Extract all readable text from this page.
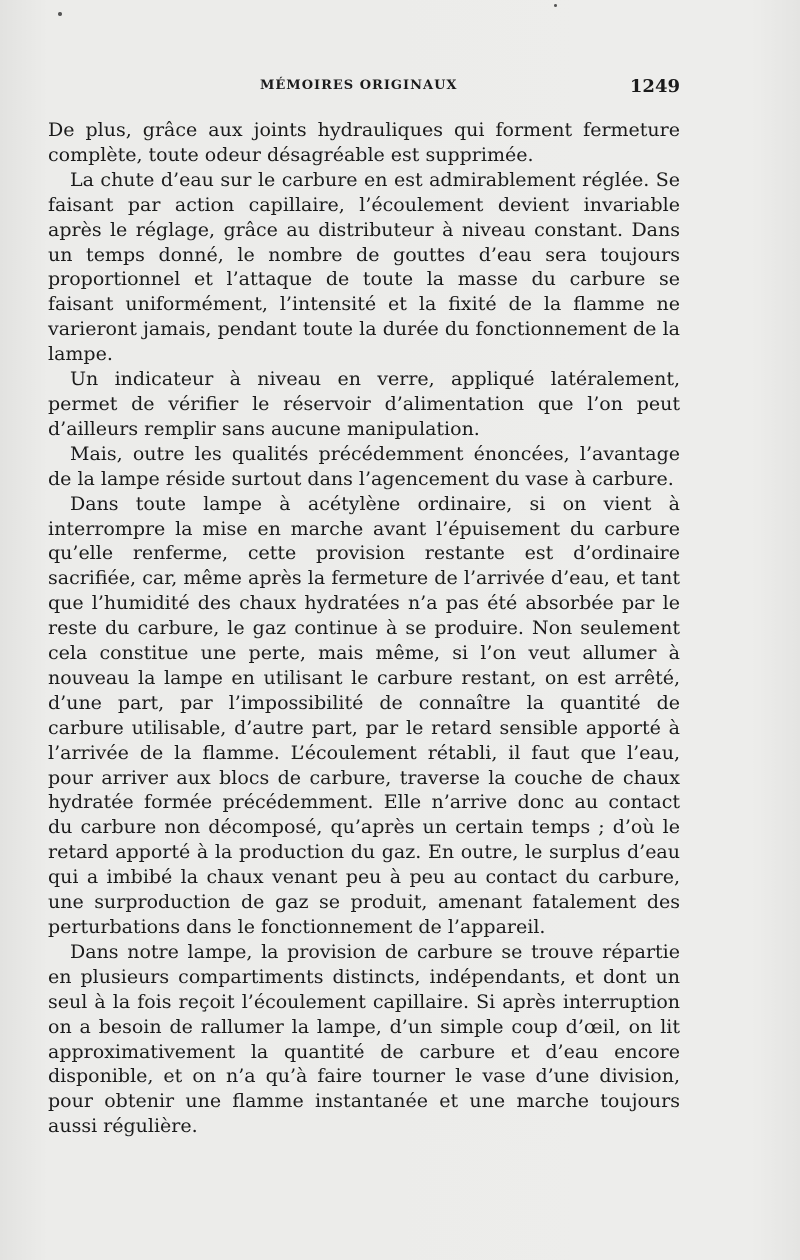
MÉMOIRES ORIGINAUX	1249

De plus, grâce aux joints hydrauliques qui forment fermeture complète, toute odeur désagréable est supprimée.

La chute d’eau sur le carbure en est admirablement réglée. Se faisant par action capillaire, l’écoulement devient invariable après le réglage, grâce au distributeur à niveau constant. Dans un temps donné, le nombre de gouttes d’eau sera toujours proportionnel et l’attaque de toute la masse du carbure se faisant uniformément, l’intensité et la fixité de la flamme ne varieront jamais, pendant toute la durée du fonctionnement de la lampe.

Un indicateur à niveau en verre, appliqué latéralement, permet de vérifier le réservoir d’alimentation que l’on peut d’ailleurs remplir sans aucune manipulation.

Mais, outre les qualités précédemment énoncées, l’avantage de la lampe réside surtout dans l’agencement du vase à carbure.

Dans toute lampe à acétylène ordinaire, si on vient à interrompre la mise en marche avant l’épuisement du carbure qu’elle renferme, cette provision restante est d’ordinaire sacrifiée, car, même après la fermeture de l’arrivée d’eau, et tant que l’humidité des chaux hydratées n’a pas été absorbée par le reste du carbure, le gaz continue à se produire. Non seulement cela constitue une perte, mais même, si l’on veut allumer à nouveau la lampe en utilisant le carbure restant, on est arrêté, d’une part, par l’impossibilité de connaître la quantité de carbure utilisable, d’autre part, par le retard sensible apporté à l’arrivée de la flamme. L’écoulement rétabli, il faut que l’eau, pour arriver aux blocs de carbure, traverse la couche de chaux hydratée formée précédemment. Elle n’arrive donc au contact du carbure non décomposé, qu’après un certain temps ; d’où le retard apporté à la production du gaz. En outre, le surplus d’eau qui a imbibé la chaux venant peu à peu au contact du carbure, une surproduction de gaz se produit, amenant fatalement des perturbations dans le fonctionnement de l’appareil.

Dans notre lampe, la provision de carbure se trouve répartie en plusieurs compartiments distincts, indépendants, et dont un seul à la fois reçoit l’écoulement capillaire. Si après interruption on a besoin de rallumer la lampe, d’un simple coup d’œil, on lit approximativement la quantité de carbure et d’eau encore disponible, et on n’a qu’à faire tourner le vase d’une division, pour obtenir une flamme instantanée et une marche toujours aussi régulière.
